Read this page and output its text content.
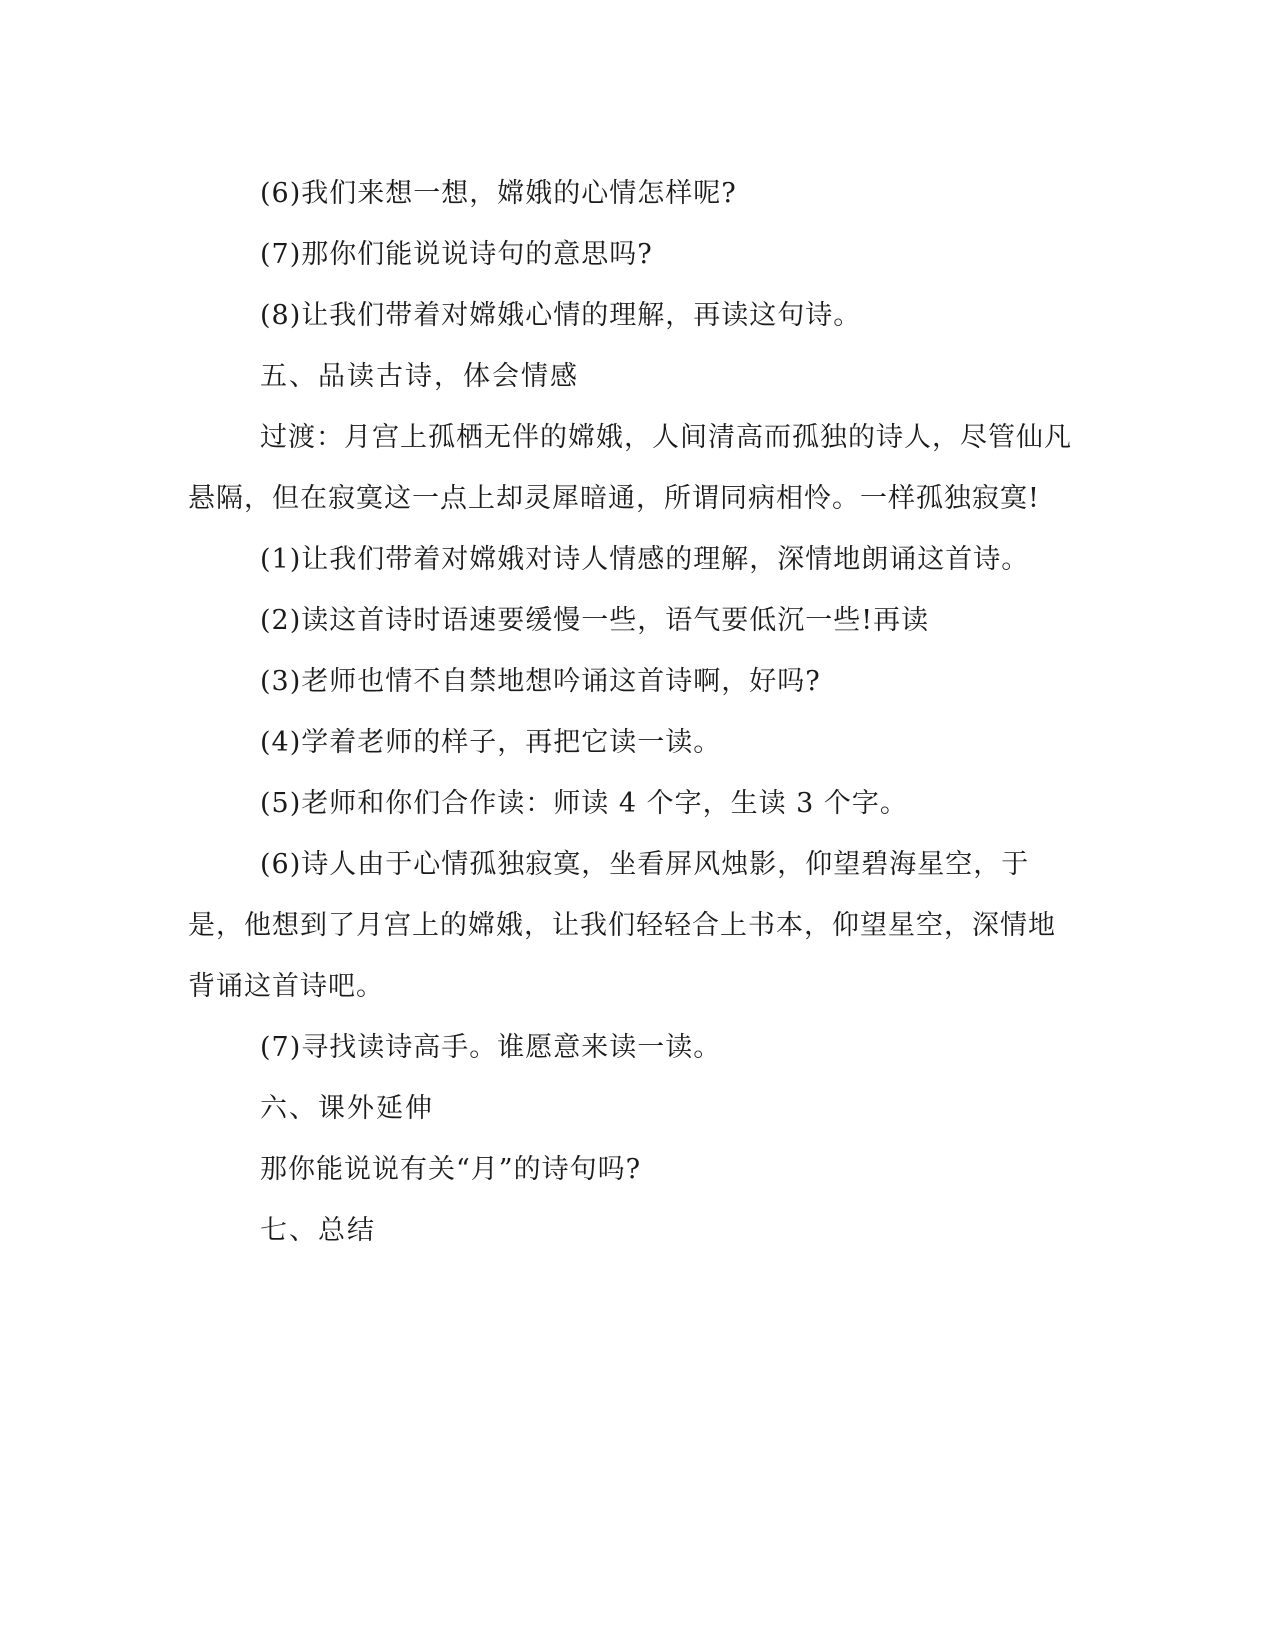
(6)我们来想一想，嫦娥的心情怎样呢?

(7)那你们能说说诗句的意思吗?

(8)让我们带着对嫦娥心情的理解，再读这句诗。

五、品读古诗，体会情感

过渡：月宫上孤栖无伴的嫦娥，人间清高而孤独的诗人，尽管仙凡悬隔，但在寂寞这一点上却灵犀暗通，所谓同病相怜。一样孤独寂寞!

(1)让我们带着对嫦娥对诗人情感的理解，深情地朗诵这首诗。

(2)读这首诗时语速要缓慢一些，语气要低沉一些!再读

(3)老师也情不自禁地想吟诵这首诗啊，好吗?

(4)学着老师的样子，再把它读一读。

(5)老师和你们合作读：师读 4 个字，生读 3 个字。

(6)诗人由于心情孤独寂寞，坐看屏风烛影，仰望碧海星空，于是，他想到了月宫上的嫦娥，让我们轻轻合上书本，仰望星空，深情地背诵这首诗吧。

(7)寻找读诗高手。谁愿意来读一读。

六、课外延伸

那你能说说有关“月”的诗句吗?

七、总结
